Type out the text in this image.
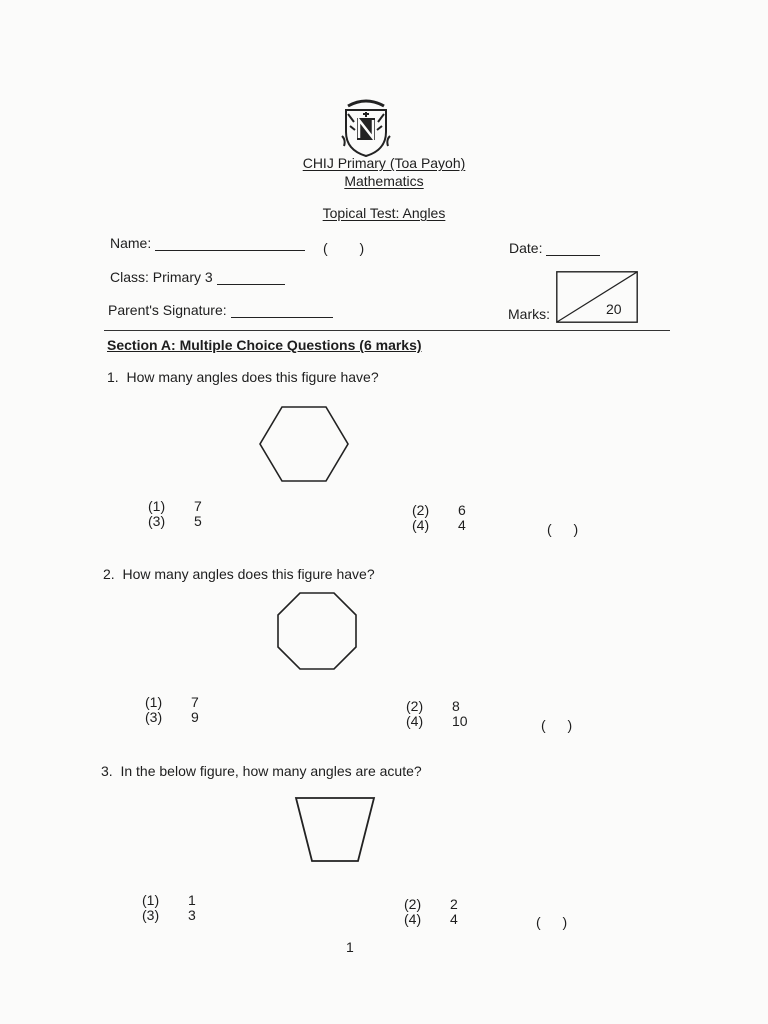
CHIJ Primary (Toa Payoh)
Mathematics
Topical Test: Angles
Name:	( )	Date:
Class: Primary 3
Parent's Signature:	Marks:	20
Section A: Multiple Choice Questions (6 marks)
1. How many angles does this figure have?
(1) 7
(3) 5
(2) 6
(4) 4	( )
2. How many angles does this figure have?
(1) 7
(3) 9
(2) 8
(4) 10	( )
3. In the below figure, how many angles are acute?
(1) 1
(3) 3
(2) 2
(4) 4	( )
1
